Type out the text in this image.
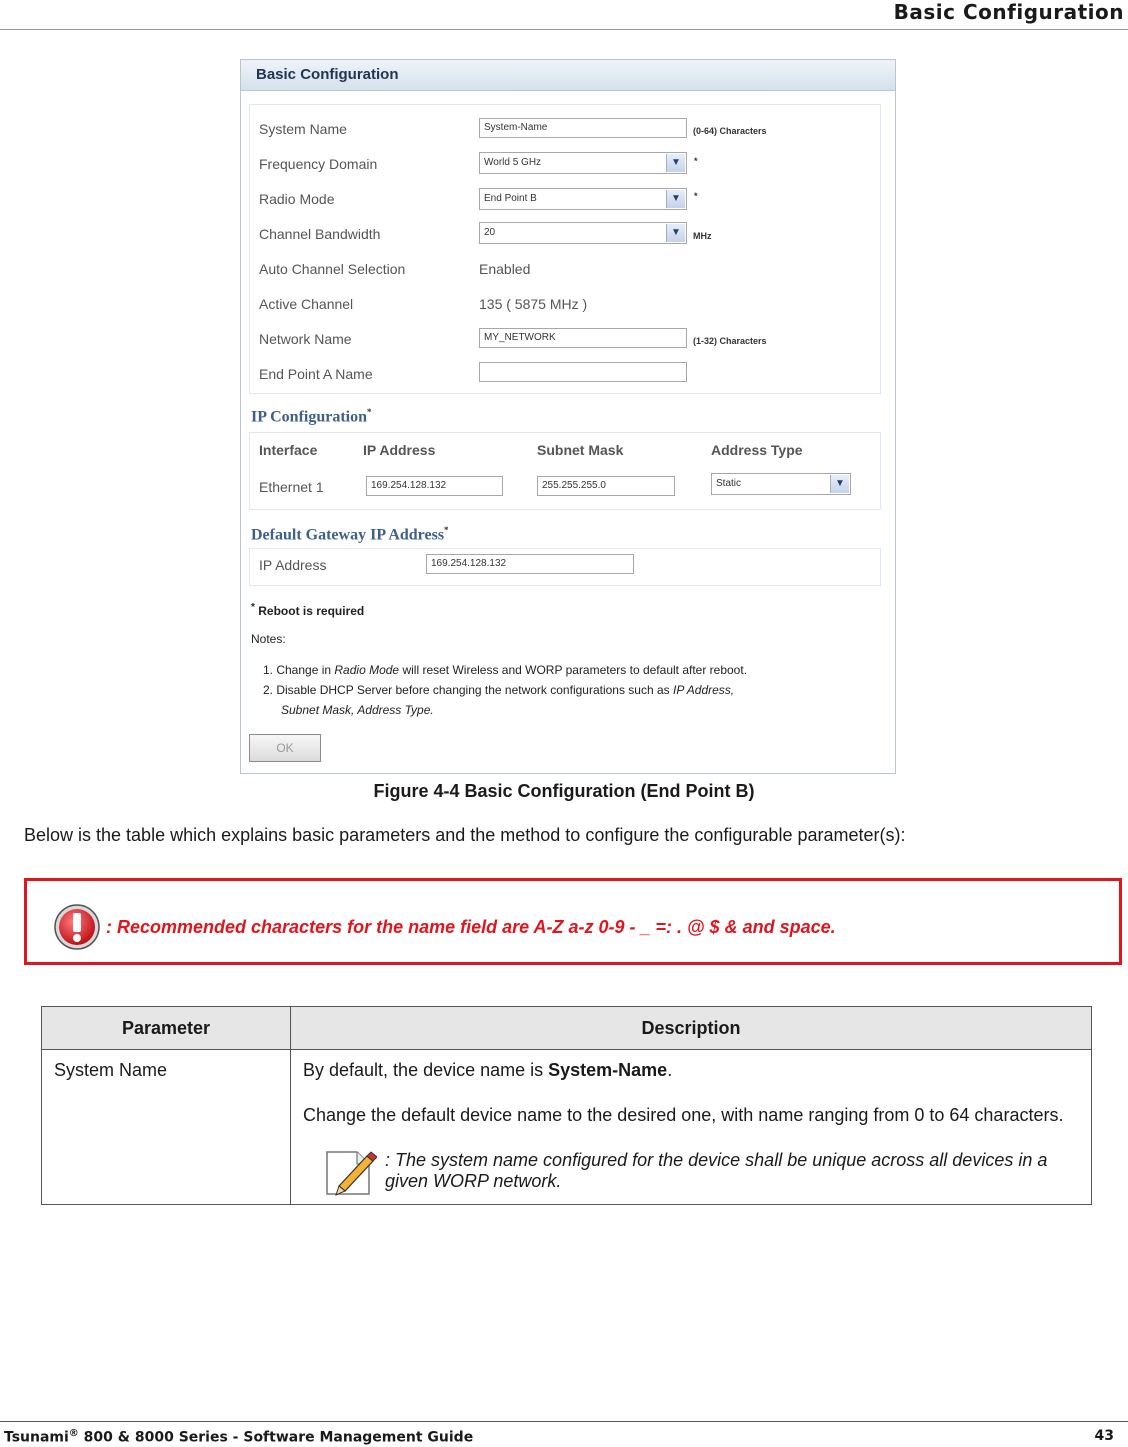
Basic Configuration
Basic Configuration
System Name	System-Name	(0-64) Characters
Frequency Domain	World 5 GHz	▼	*
Radio Mode	End Point B	▼	*
Channel Bandwidth	20	▼	MHz
Auto Channel Selection	Enabled
Active Channel	135 ( 5875 MHz )
Network Name	MY_NETWORK	(1-32) Characters
End Point A Name
IP Configuration*
Interface	IP Address	Subnet Mask	Address Type
Ethernet 1	169.254.128.132	255.255.255.0	Static	▼
Default Gateway IP Address*
IP Address	169.254.128.132
* Reboot is required
Notes:
1. Change in Radio Mode will reset Wireless and WORP parameters to default after reboot.
2. Disable DHCP Server before changing the network configurations such as IP Address,
Subnet Mask, Address Type.
OK
Figure 4-4 Basic Configuration (End Point B)
Below is the table which explains basic parameters and the method to configure the configurable parameter(s):
: Recommended characters for the name field are A-Z a-z 0-9 - _ =: . @ $ & and space.
Parameter	Description
System Name	By default, the device name is System-Name.

Change the default device name to the desired one, with name ranging from 0 to 64 characters.

: The system name configured for the device shall be unique across all devices in a given WORP network.
Tsunami® 800 & 8000 Series - Software Management Guide	43
